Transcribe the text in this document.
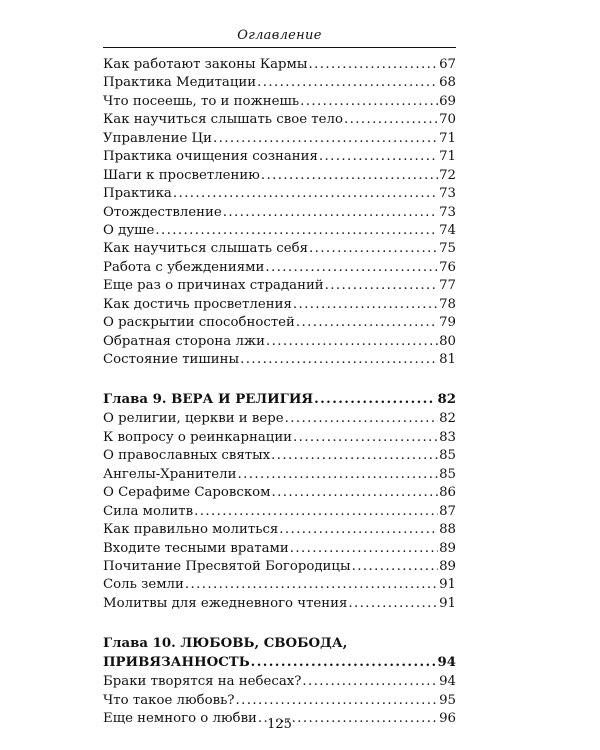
Оглавление
Как работают законы Кармы .....	67
Практика Медитации .....	68
Что посеешь, то и пожнешь .....	69
Как научиться слышать свое тело .....	70
Управление Ци .....	71
Практика очищения сознания .....	71
Шаги к просветлению .....	72
Практика .....	73
Отождествление .....	73
О душе .....	74
Как научиться слышать себя .....	75
Работа с убеждениями .....	76
Еще раз о причинах страданий .....	77
Как достичь просветления .....	78
О раскрытии способностей .....	79
Обратная сторона лжи .....	80
Состояние тишины .....	81
Глава 9. ВЕРА И РЕЛИГИЯ .....	82
О религии, церкви и вере .....	82
К вопросу о реинкарнации .....	83
О православных святых .....	85
Ангелы-Хранители .....	85
О Серафиме Саровском .....	86
Сила молитв .....	87
Как правильно молиться .....	88
Входите тесными вратами .....	89
Почитание Пресвятой Богородицы .....	89
Соль земли .....	91
Молитвы для ежедневного чтения .....	91
Глава 10. ЛЮБОВЬ, СВОБОДА,
ПРИВЯЗАННОСТЬ .....	94
Браки творятся на небесах? .....	94
Что такое любовь? .....	95
Еще немного о любви .....	96
125
